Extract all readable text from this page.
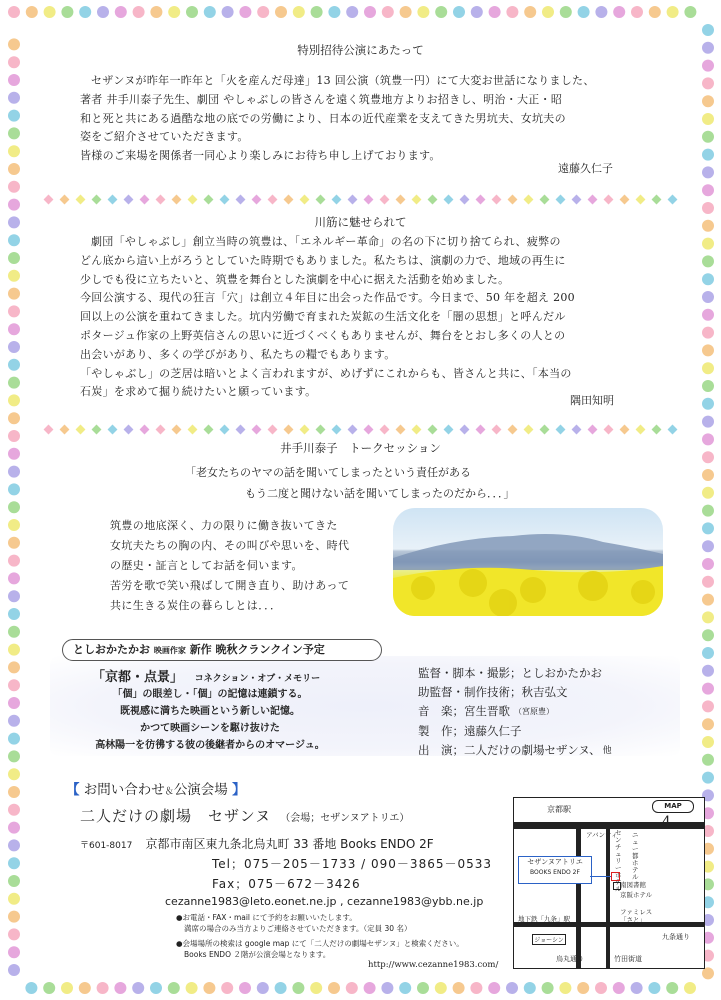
特別招待公演にあたって

セザンヌが昨年一昨年と「火を産んだ母達」13 回公演（筑豊一円）にて大変お世話になりました、

著者 井手川泰子先生、劇団 やしゃぶしの皆さんを遠く筑豊地方よりお招きし、明治・大正・昭

和と死と共にある過酷な地の底での労働により、日本の近代産業を支えてきた男坑夫、女坑夫の

姿をご紹介させていただきます。

皆様のご来場を関係者一同心より楽しみにお待ち申し上げております。

遠藤久仁子
川筋に魅せられて

劇団「やしゃぶし」創立当時の筑豊は、「エネルギー革命」の名の下に切り捨てられ、疲弊の

どん底から這い上がろうとしていた時期でもありました。私たちは、演劇の力で、地域の再生に

少しでも役に立ちたいと、筑豊を舞台とした演劇を中心に据えた活動を始めました。

今回公演する、現代の狂言「穴」は創立４年目に出会った作品です。今日まで、50 年を超え 200

回以上の公演を重ねてきました。坑内労働で育まれた炭鉱の生活文化を「闇の思想」と呼んだル

ポタージュ作家の上野英信さんの思いに近づくべくもありませんが、舞台をとおし多くの人との

出会いがあり、多くの学びがあり、私たちの糧でもあります。

「やしゃぶし」の芝居は暗いとよく言われますが、めげずにこれからも、皆さんと共に、「本当の

石炭」を求めて掘り続けたいと願っています。

隅田知明
井手川泰子　トークセッション
「老女たちのヤマの話を聞いてしまったという責任がある
もう二度と聞けない話を聞いてしまったのだから．．．」
筑豊の地底深く、力の限りに働き抜いてきた
女坑夫たちの胸の内、その叫びや思いを、時代
の歴史・証言としてお話を伺います。
苦労を歌で笑い飛ばして開き直り、助けあって
共に生きる炭住の暮らしとは．．．
としおかたかお 映画作家 新作 晩秋クランクイン予定
「京都・点景」 コネクション・オブ・メモリー
「個」の眼差し・「個」の記憶は連鎖する。
既視感に満ちた映画という新しい記憶。
かつて映画シーンを駆け抜けた
高林陽一を彷彿する彼の後継者からのオマージュ。
監督・脚本・撮影； としおかたかお
助監督・制作技術； 秋吉弘文
音　楽； 宮生晋歌 （宮原豊）
製　作； 遠藤久仁子
出　演； 二人だけの劇場セザンヌ、 他
【 お問い合わせ＆公演会場 】
二人だけの劇場　セザンヌ （会場；セザンヌアトリエ）
〒601-8017 京都市南区東九条北烏丸町 33 番地 Books ENDO 2F
Tel；075－205－1733 / 090－3865－0533
Fax；075－672－3426
cezanne1983@leto.eonet.ne.jp , cezanne1983@ybb.ne.jp
●お電話・FAX・mail にて予約をお願いいたします。
満席の場合のみ当方よりご連絡させていただきます。（定員 30 名）
●会場場所の検索は google map にて「二人だけの劇場セザンヌ」と検索ください。
Books ENDO ２階が公演会場となります。
http://www.cezanne1983.com/
京都駅	MAP
4
アバンティ
センチュリー ホテル
ニュー 都ホテル
セザンヌアトリエ
BOOKS ENDO 2F
南図書館
京阪ホテル
ファミレス「さと」
地下鉄「九条」駅
ジョーシン	九条通り
烏丸通り	竹田街道
